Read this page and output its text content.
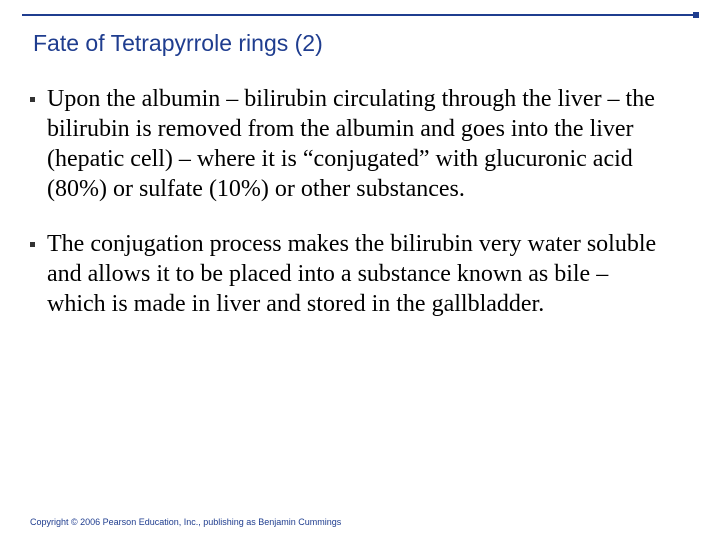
Fate of Tetrapyrrole rings (2)
Upon the albumin – bilirubin circulating through the liver – the bilirubin is removed from the albumin and goes into the liver (hepatic cell) – where it is “conjugated” with glucuronic acid (80%) or sulfate (10%) or other substances.
The conjugation process makes the bilirubin very water soluble and allows it to be placed into a substance known as bile – which is made in liver and stored in the gallbladder.
Copyright © 2006 Pearson Education, Inc., publishing as Benjamin Cummings
